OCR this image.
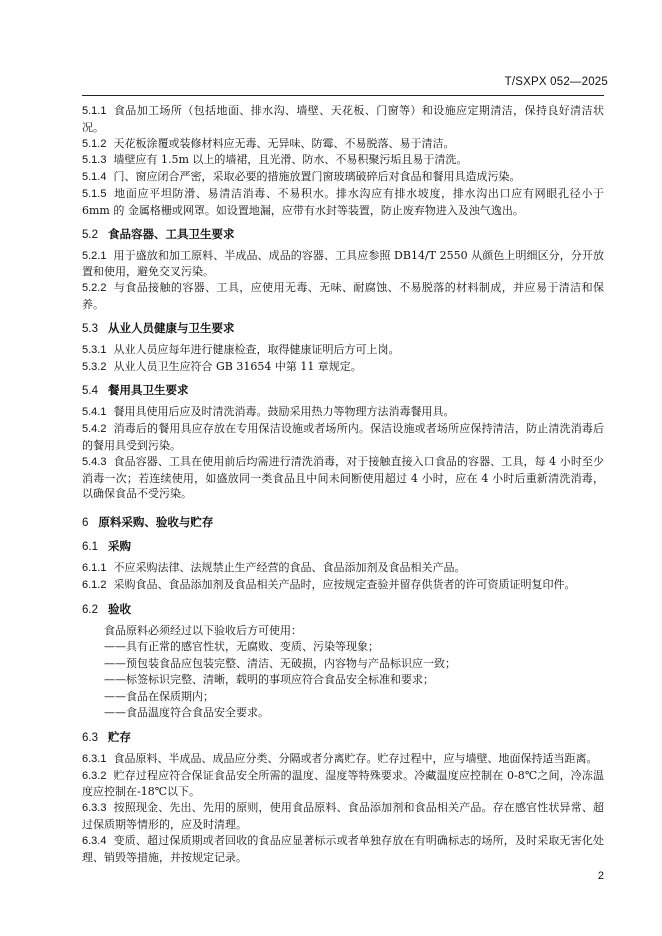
T/SXPX 052—2025

5.1.1 食品加工场所（包括地面、排水沟、墙壁、天花板、门窗等）和设施应定期清洁，保持良好清洁状况。

5.1.2 天花板涂覆或装修材料应无毒、无异味、防霉、不易脱落、易于清洁。

5.1.3 墙壁应有 1.5m 以上的墙裙，且光滑、防水、不易积聚污垢且易于清洗。

5.1.4 门、窗应闭合严密，采取必要的措施放置门窗玻璃破碎后对食品和餐用具造成污染。

5.1.5 地面应平坦防滑、易清洁消毒、不易积水。排水沟应有排水坡度，排水沟出口应有网眼孔径小于 6mm 的 金属格栅或网罩。如设置地漏，应带有水封等装置，防止废弃物进入及浊气逸出。

5.2 食品容器、工具卫生要求

5.2.1 用于盛放和加工原料、半成品、成品的容器、工具应参照 DB14/T 2550 从颜色上明细区分，分开放置和使用，避免交叉污染。

5.2.2 与食品接触的容器、工具，应使用无毒、无味、耐腐蚀、不易脱落的材料制成，并应易于清洁和保养。

5.3 从业人员健康与卫生要求

5.3.1 从业人员应每年进行健康检查，取得健康证明后方可上岗。

5.3.2 从业人员卫生应符合 GB 31654 中第 11 章规定。

5.4 餐用具卫生要求

5.4.1 餐用具使用后应及时清洗消毒。鼓励采用热力等物理方法消毒餐用具。

5.4.2 消毒后的餐用具应存放在专用保洁设施或者场所内。保洁设施或者场所应保持清洁，防止清洗消毒后的餐用具受到污染。

5.4.3 食品容器、工具在使用前后均需进行清洗消毒，对于接触直接入口食品的容器、工具，每 4 小时至少消毒一次；若连续使用，如盛放同一类食品且中间未间断使用超过 4 小时，应在 4 小时后重新清洗消毒，以确保食品不受污染。

6 原料采购、验收与贮存
6.1 采购

6.1.1 不应采购法律、法规禁止生产经营的食品、食品添加剂及食品相关产品。

6.1.2 采购食品、食品添加剂及食品相关产品时，应按规定查验并留存供货者的许可资质证明复印件。

6.2 验收
食品原料必须经过以下验收后方可使用：
——具有正常的感官性状，无腐败、变质、污染等现象；
——预包装食品应包装完整、清洁、无破损，内容物与产品标识应一致；
——标签标识完整、清晰，载明的事项应符合食品安全标准和要求；
——食品在保质期内；
——食品温度符合食品安全要求。
6.3 贮存

6.3.1 食品原料、半成品、成品应分类、分隔或者分离贮存。贮存过程中，应与墙壁、地面保持适当距离。

6.3.2 贮存过程应符合保证食品安全所需的温度、湿度等特殊要求。冷藏温度应控制在 0-8℃之间，冷冻温度应控制在-18℃以下。

6.3.3 按照现金、先出、先用的原则，使用食品原料、食品添加剂和食品相关产品。存在感官性状异常、超过保质期等情形的，应及时清理。

6.3.4 变质、超过保质期或者回收的食品应显著标示或者单独存放在有明确标志的场所，及时采取无害化处理、销毁等措施，并按规定记录。

2
